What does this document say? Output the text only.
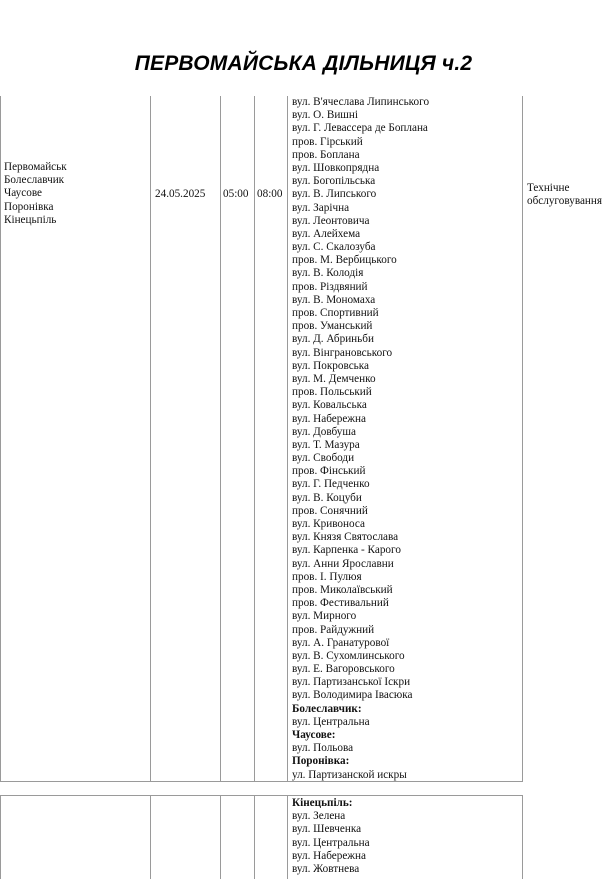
ПЕРВОМАЙСЬКА ДІЛЬНИЦЯ ч.2
Первомайськ
Болеславчик
Чаусове
Поронівка
Кінецьпіль
24.05.2025 05:00 08:00	Технічне
обслуговування
вул. В'ячеслава Липинського
вул. О. Вишні
вул. Г. Левассера де Боплана
пров. Гірський
пров. Боплана
вул. Шовкопрядна
вул. Богопільська
вул. В. Липського
вул. Зарічна
вул. Леонтовича
вул. Алейхема
вул. С. Скалозуба
пров. М. Вербицького
вул. В. Колодія
пров. Різдвяний
вул. В. Мономаха
пров. Спортивний
пров. Уманський
вул. Д. Абриньби
вул. Вінграновського
вул. Покровська
вул. М. Демченко
пров. Польський
вул. Ковальська
вул. Набережна
вул. Довбуша
вул. Т. Мазура
вул. Свободи
пров. Фінський
вул. Г. Педченко
вул. В. Коцуби
пров. Сонячний
вул. Кривоноса
вул. Князя Святослава
вул. Карпенка - Карого
вул. Анни Ярославни
пров. І. Пулюя
пров. Миколаївський
пров. Фестивальний
вул. Мирного
пров. Райдужний
вул. А. Гранатурової
вул. В. Сухомлинського
вул. Е. Вагоровського
вул. Партизанської Іскри
вул. Володимира Івасюка
Болеславчик:
вул. Центральна
Чаусове:
вул. Польова
Поронівка:
ул. Партизанской искры
Кінецьпіль:
вул. Зелена
вул. Шевченка
вул. Центральна
вул. Набережна
вул. Жовтнева
